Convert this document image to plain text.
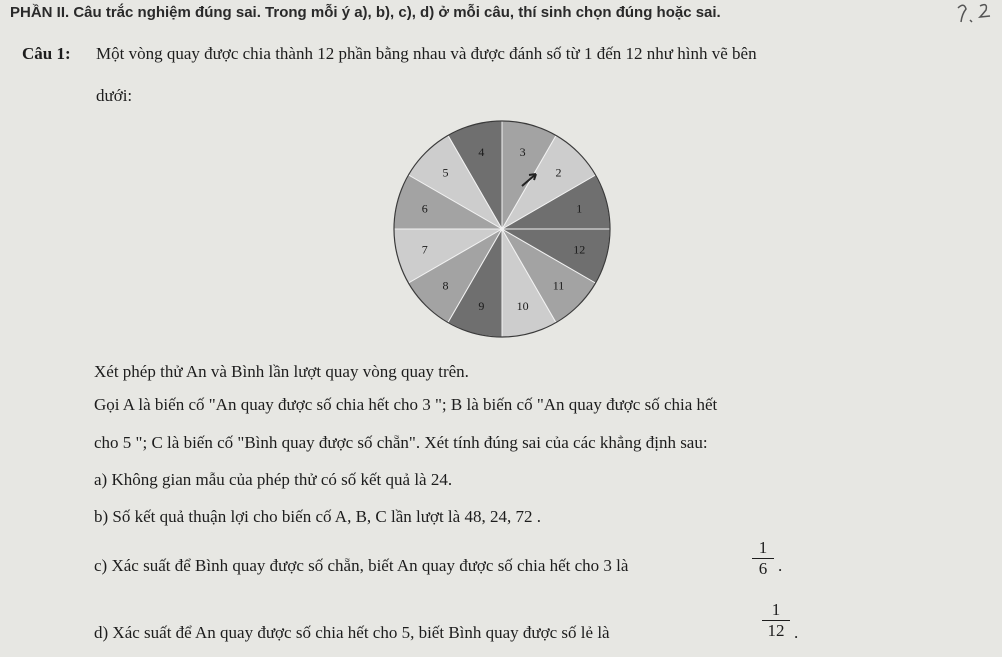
PHẦN II. Câu trắc nghiệm đúng sai. Trong mỗi ý a), b), c), d) ở mỗi câu, thí sinh chọn đúng hoặc sai.
Câu 1: Một vòng quay được chia thành 12 phần bằng nhau và được đánh số từ 1 đến 12 như hình vẽ bên
dưới:
1
2
3
4
5
6
7
8
9	10
11
12
Xét phép thử An và Bình lần lượt quay vòng quay trên.
Gọi A là biến cố "An quay được số chia hết cho 3 "; B là biến cố "An quay được số chia hết
cho 5 "; C là biến cố "Bình quay được số chẵn". Xét tính đúng sai của các khẳng định sau:
a) Không gian mẫu của phép thử có số kết quả là 24.
b) Số kết quả thuận lợi cho biến cố A, B, C lần lượt là 48, 24, 72 .
c) Xác suất để Bình quay được số chẵn, biết An quay được số chia hết cho 3 là	$\frac{1}{6}$ .
d) Xác suất để An quay được số chia hết cho 5, biết Bình quay được số lẻ là	$\frac{1}{12}$ .
